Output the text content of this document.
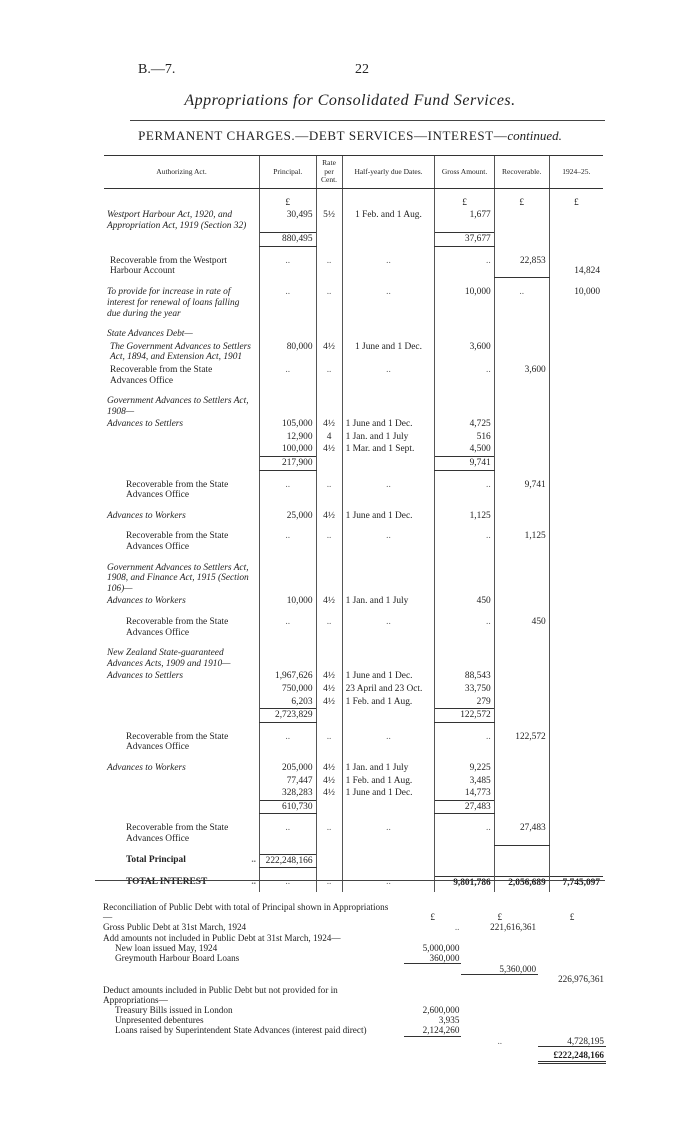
B.—7.	22
Appropriations for Consolidated Fund Services.
PERMANENT CHARGES.—DEBT SERVICES—INTEREST—continued.
Authorizing Act.	Principal.	Rate per Cent.	Half-yearly due Dates.	Gross Amount.	Recoverable.	1924–25.

	£			£	£	£
Westport Harbour Act, 1920, and Appropriation Act, 1919 (Section 32)	30,495	5½	1 Feb. and 1 Aug.	1,677		
	880,495			37,677		

Recoverable from the Westport Harbour Account	..	..	..	..	22,853	14,824

To provide for increase in rate of interest for renewal of loans falling due during the year	..	..	..	10,000	..	10,000

State Advances Debt—						
The Government Advances to Settlers Act, 1894, and Extension Act, 1901	80,000	4½	1 June and 1 Dec.	3,600		
Recoverable from the State Advances Office	..	..	..	..	3,600	

Government Advances to Settlers Act, 1908—						
Advances to Settlers	105,000	4½	1 June and 1 Dec.	4,725		
	12,900	4	1 Jan. and 1 July	516		
	100,000	4½	1 Mar. and 1 Sept.	4,500		
	217,900			9,741		

Recoverable from the State Advances Office	..	..	..	..	9,741	

Advances to Workers	25,000	4½	1 June and 1 Dec.	1,125		

Recoverable from the State Advances Office	..	..	..	..	1,125	

Government Advances to Settlers Act, 1908, and Finance Act, 1915 (Section 106)—						
Advances to Workers	10,000	4½	1 Jan. and 1 July	450		

Recoverable from the State Advances Office	..	..	..	..	450	

New Zealand State-guaranteed Advances Acts, 1909 and 1910—						
Advances to Settlers	1,967,626	4½	1 June and 1 Dec.	88,543		
	750,000	4½	23 April and 23 Oct.	33,750		
	6,203	4½	1 Feb. and 1 Aug.	279		
	2,723,829			122,572		

Recoverable from the State Advances Office	..	..	..	..	122,572	

Advances to Workers	205,000	4½	1 Jan. and 1 July	9,225		
	77,447	4½	1 Feb. and 1 Aug.	3,485		
	328,283	4½	1 June and 1 Dec.	14,773		
	610,730			27,483		

Recoverable from the State Advances Office	..	..	..	..	27,483	

Total Principal ..	222,248,166					

TOTAL INTEREST ..	..	..	..	9,801,786	2,056,689	7,745,097
Reconciliation of Public Debt with total of Principal shown in Appropriations—	£	£	£
Gross Public Debt at 31st March, 1924	..	221,616,361	
Add amounts not included in Public Debt at 31st March, 1924—			
New loan issued May, 1924	5,000,000		
Greymouth Harbour Board Loans	360,000		
		5,360,000	
			226,976,361
Deduct amounts included in Public Debt but not provided for in Appropriations—			
Treasury Bills issued in London	2,600,000		
Unpresented debentures	3,935		
Loans raised by Superintendent State Advances (interest paid direct)	2,124,260		
		..	4,728,195
			£222,248,166
